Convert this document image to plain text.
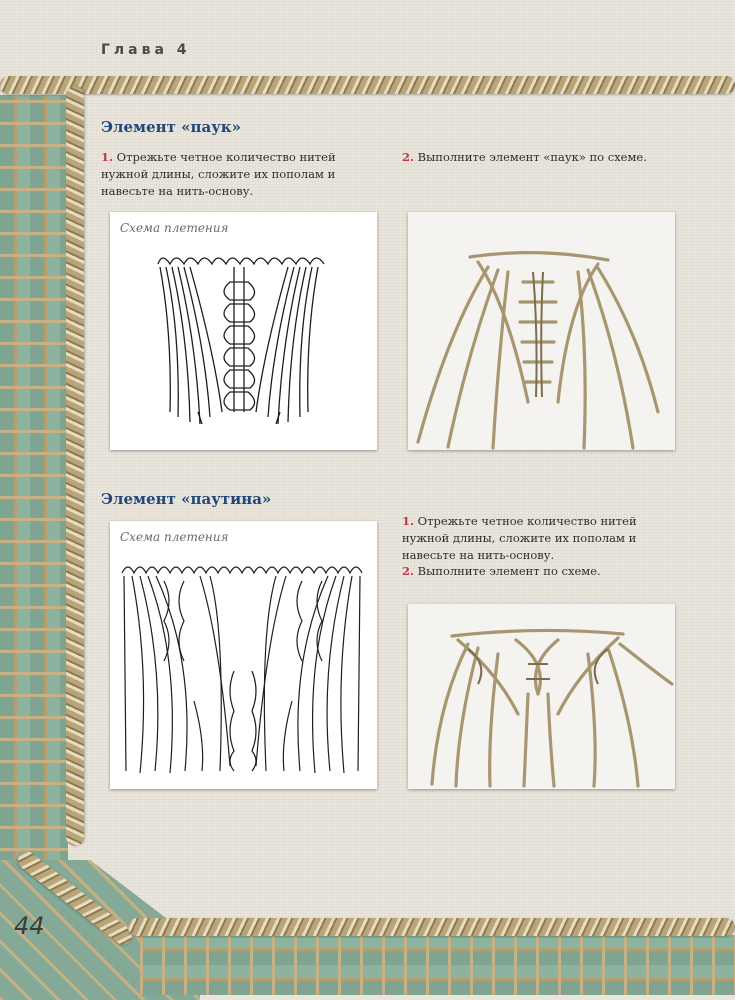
Глава 4
44
Элемент «паук»
1. Отрежьте четное количество нитей нужной длины, сложите их пополам и навесьте на нить-основу.
2. Выполните элемент «паук» по схеме.
Схема плетения
Элемент «паутина»
1. Отрежьте четное количество нитей нужной длины, сложите их пополам и навесьте на нить-основу.
2. Выполните элемент по схеме.
Схема плетения
